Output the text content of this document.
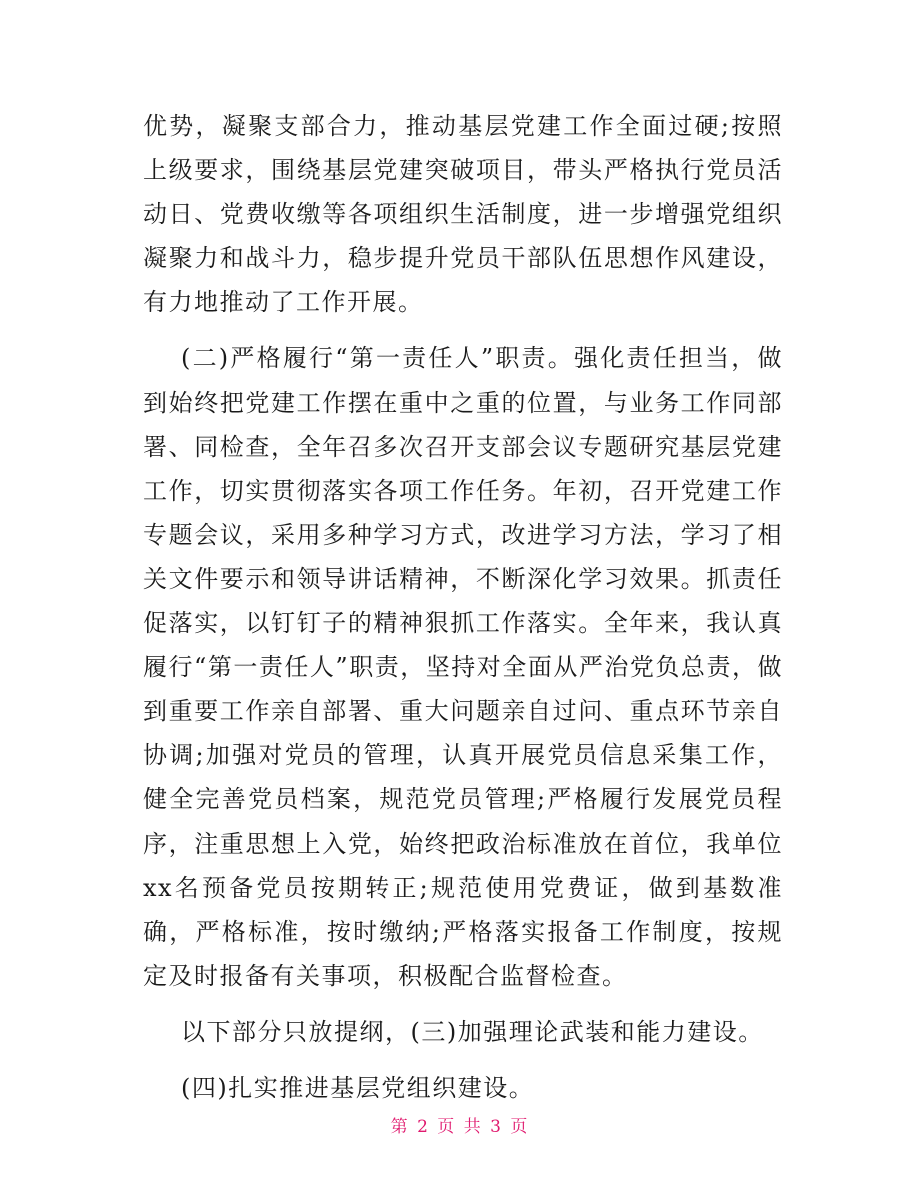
优势，凝聚支部合力，推动基层党建工作全面过硬;按照上级要求，围绕基层党建突破项目，带头严格执行党员活动日、党费收缴等各项组织生活制度，进一步增强党组织凝聚力和战斗力，稳步提升党员干部队伍思想作风建设，有力地推动了工作开展。

(二)严格履行“第一责任人”职责。强化责任担当，做到始终把党建工作摆在重中之重的位置，与业务工作同部署、同检查，全年召多次召开支部会议专题研究基层党建工作，切实贯彻落实各项工作任务。年初，召开党建工作专题会议，采用多种学习方式，改进学习方法，学习了相关文件要示和领导讲话精神，不断深化学习效果。抓责任促落实，以钉钉子的精神狠抓工作落实。全年来，我认真履行“第一责任人”职责，坚持对全面从严治党负总责，做到重要工作亲自部署、重大问题亲自过问、重点环节亲自协调;加强对党员的管理，认真开展党员信息采集工作，健全完善党员档案，规范党员管理;严格履行发展党员程序，注重思想上入党，始终把政治标准放在首位，我单位xx名预备党员按期转正;规范使用党费证，做到基数准确，严格标准，按时缴纳;严格落实报备工作制度，按规定及时报备有关事项，积极配合监督检查。

以下部分只放提纲，(三)加强理论武装和能力建设。

(四)扎实推进基层党组织建设。

第 2 页 共 3 页
